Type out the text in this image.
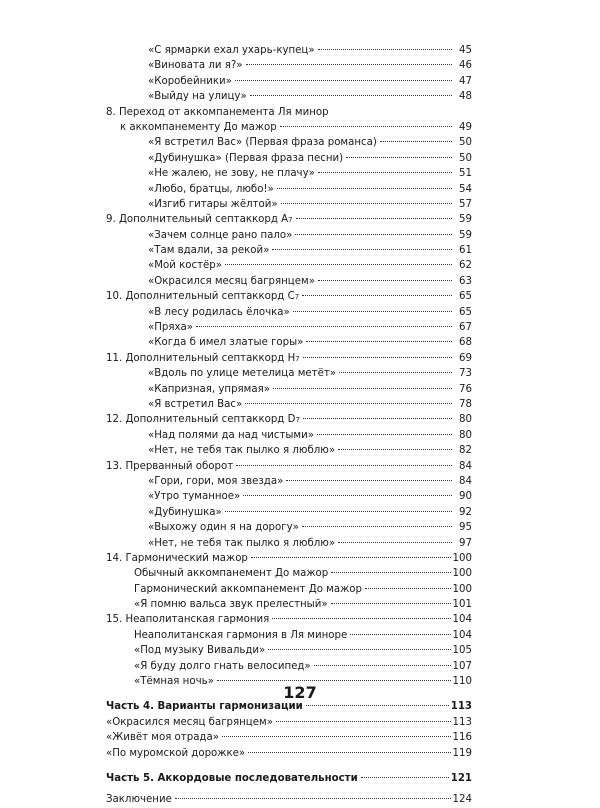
«С ярмарки ехал ухарь-купец»	45
«Виновата ли я?»	46
«Коробейники»	47
«Выйду на улицу»	48
8. Переход от аккомпанемента Ля минор
к аккомпанементу До мажор	49
«Я встретил Вас» (Первая фраза романса)	50
«Дубинушка» (Первая фраза песни)	50
«Не жалею, не зову, не плачу»	51
«Любо, братцы, любо!»	54
«Изгиб гитары жёлтой»	57
9. Дополнительный септаккорд A 7	59
«Зачем солнце рано пало»	59
«Там вдали, за рекой»	61
«Мой костёр»	62
«Окрасился месяц багрянцем»	63
10. Дополнительный септаккорд C 7	65
«В лесу родилась ёлочка»	65
«Пряха»	67
«Когда б имел златые горы»	68
11. Дополнительный септаккорд H 7	69
«Вдоль по улице метелица метёт»	73
«Капризная, упрямая»	76
«Я встретил Вас»	78
12. Дополнительный септаккорд D 7	80
«Над полями да над чистыми»	80
«Нет, не тебя так пылко я люблю»	82
13. Прерванный оборот	84
«Гори, гори, моя звезда»	84
«Утро туманное»	90
«Дубинушка»	92
«Выхожу один я на дорогу»	95
«Нет, не тебя так пылко я люблю»	97
14. Гармонический мажор	100
Обычный аккомпанемент До мажор	100
Гармонический аккомпанемент До мажор	100
«Я помню вальса звук прелестный»	101
15. Неаполитанская гармония	104
Неаполитанская гармония в Ля миноре	104
«Под музыку Вивальди»	105
«Я буду долго гнать велосипед»	107
«Тёмная ночь»	110
Часть 4. Варианты гармонизации	113
«Окрасился месяц багрянцем»	113
«Живёт моя отрада»	116
«По муромской дорожке»	119
Часть 5. Аккордовые последовательности	121
Заключение	124
127
